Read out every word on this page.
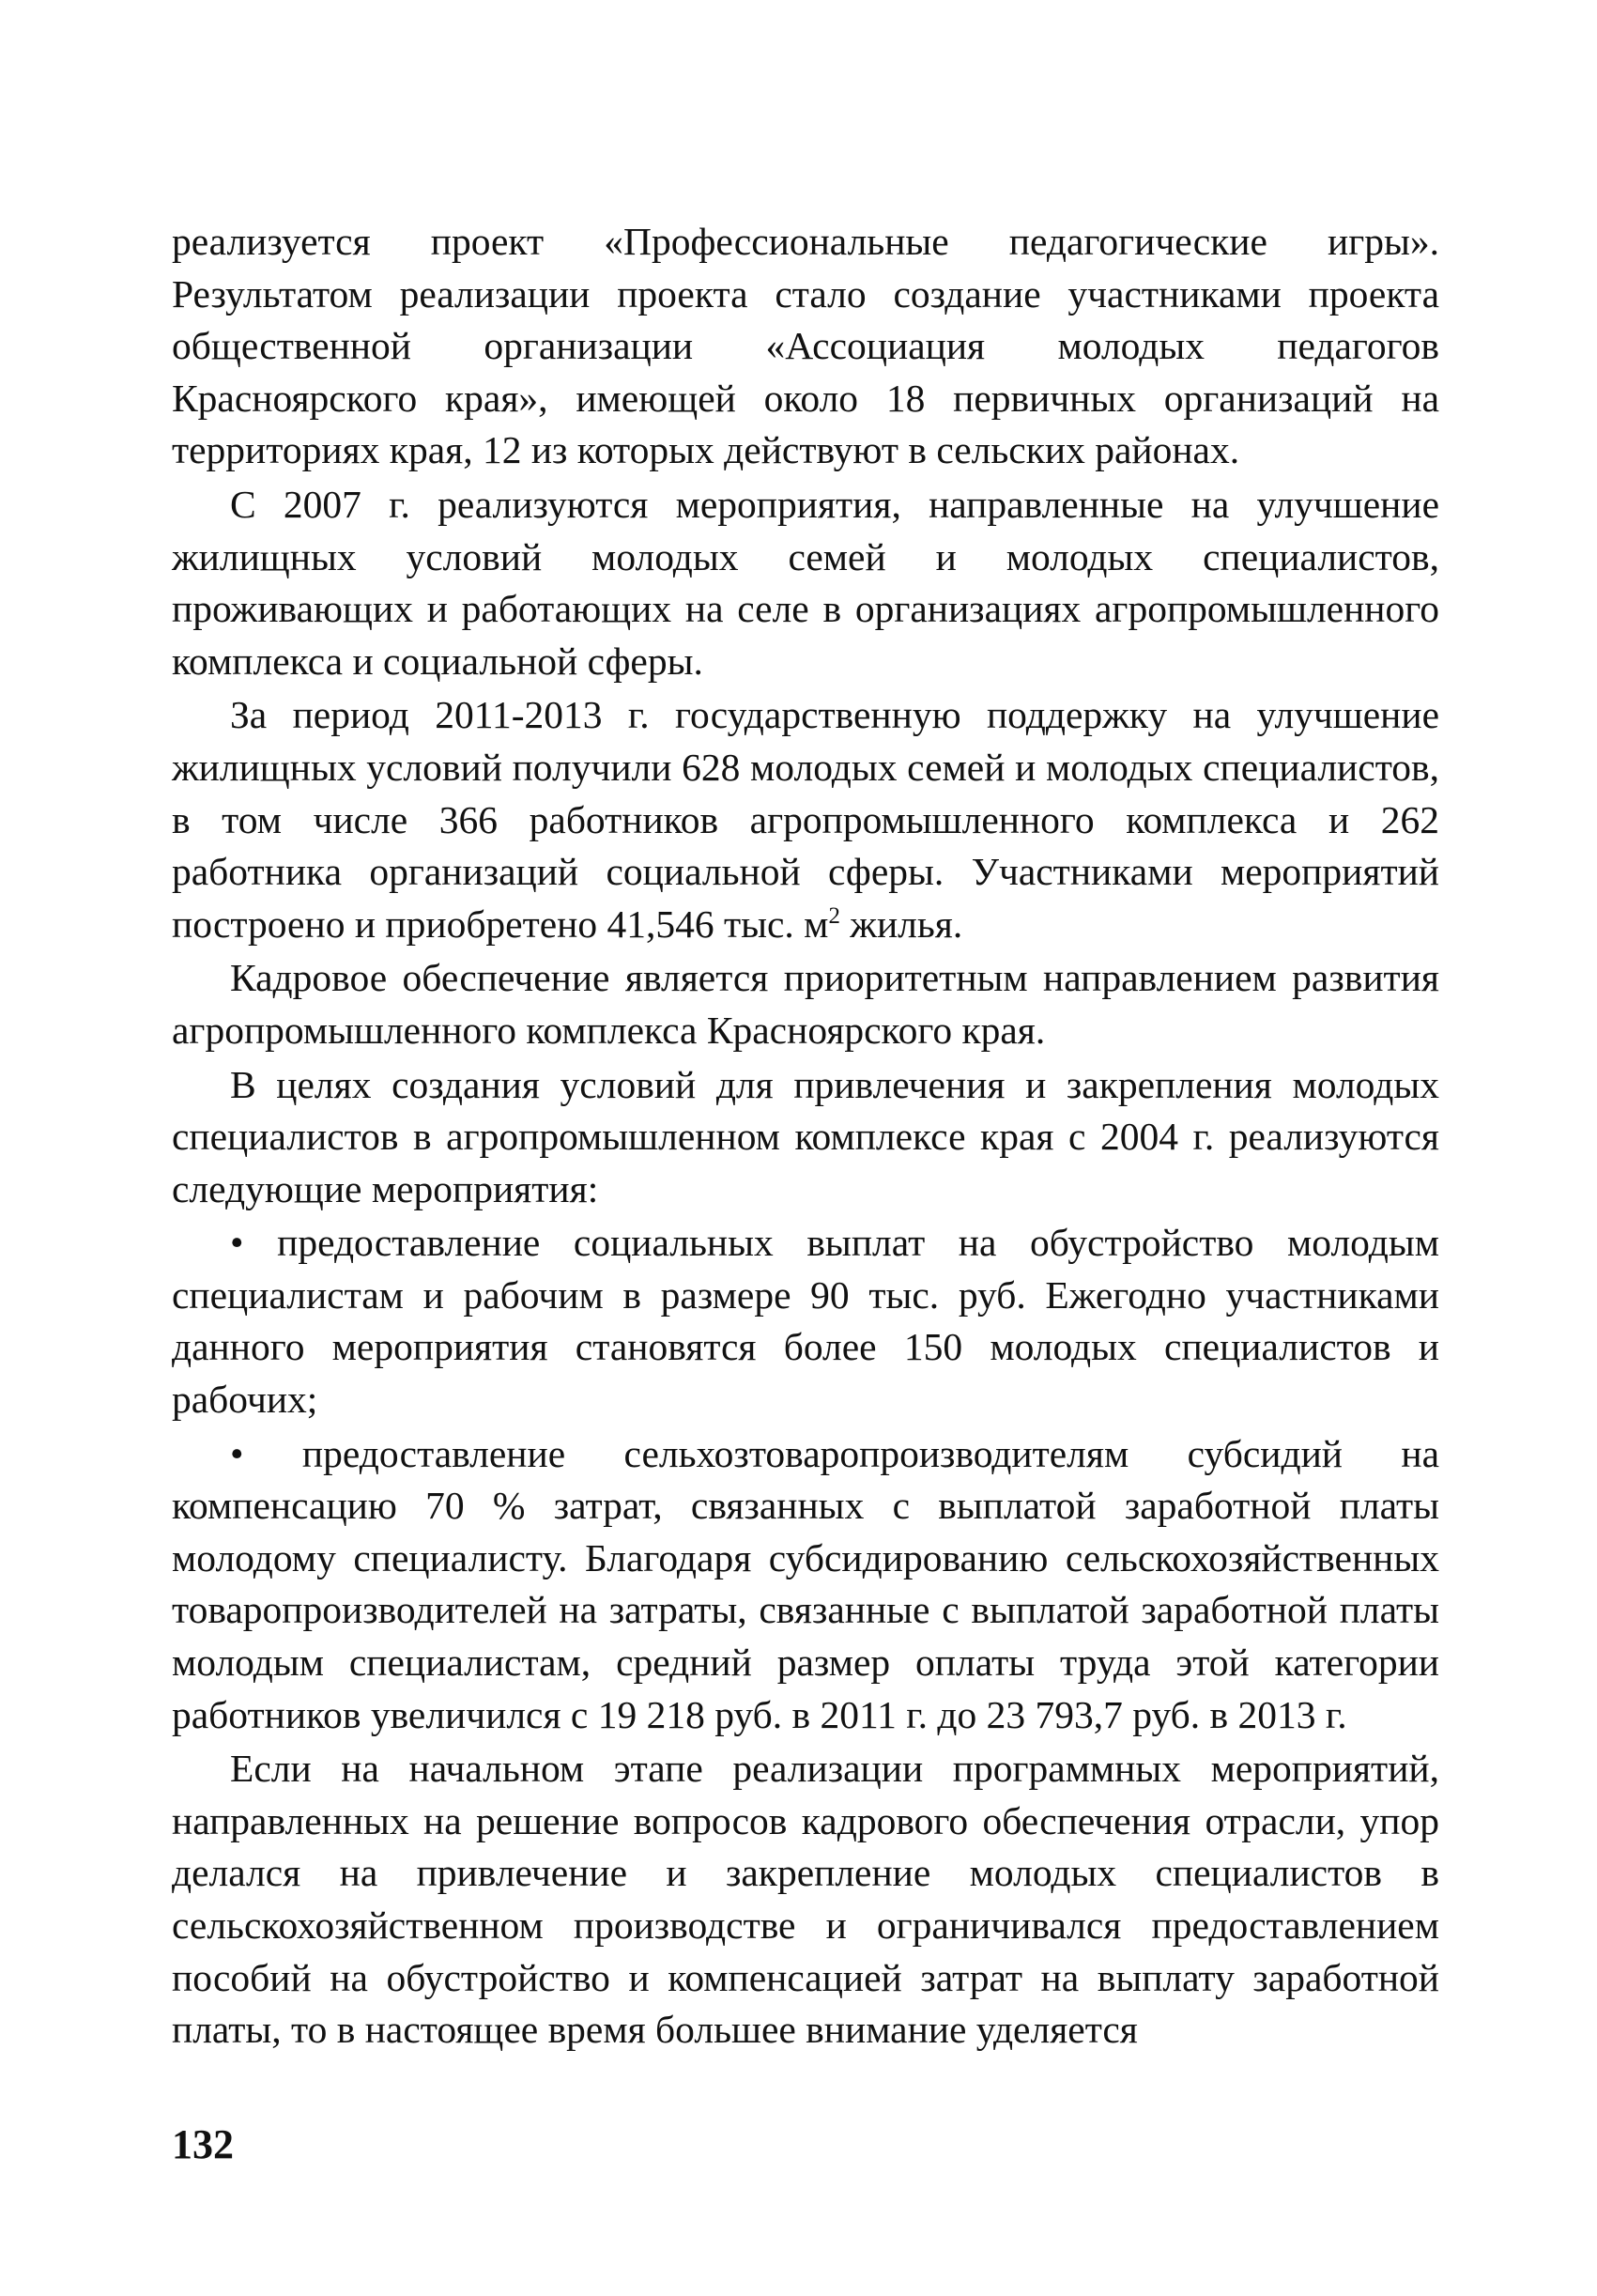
реализуется проект «Профессиональные педагогические игры». Результатом реализации проекта стало создание участниками проекта общественной организации «Ассоциация молодых педагогов Красноярского края», имеющей около 18 первичных организаций на территориях края, 12 из которых действуют в сельских районах.

С 2007 г. реализуются мероприятия, направленные на улучшение жилищных условий молодых семей и молодых специалистов, проживающих и работающих на селе в организациях агропромышленного комплекса и социальной сферы.

За период 2011-2013 г. государственную поддержку на улучшение жилищных условий получили 628 молодых семей и молодых специалистов, в том числе 366 работников агропромышленного комплекса и 262 работника организаций социальной сферы. Участниками мероприятий построено и приобретено 41,546 тыс. $м^2$ жилья.

Кадровое обеспечение является приоритетным направлением развития агропромышленного комплекса Красноярского края.

В целях создания условий для привлечения и закрепления молодых специалистов в агропромышленном комплексе края с 2004 г. реализуются следующие мероприятия:

• предоставление социальных выплат на обустройство молодым специалистам и рабочим в размере 90 тыс. руб. Ежегодно участниками данного мероприятия становятся более 150 молодых специалистов и рабочих;

• предоставление сельхозтоваропроизводителям субсидий на компенсацию 70 % затрат, связанных с выплатой заработной платы молодому специалисту. Благодаря субсидированию сельскохозяйственных товаропроизводителей на затраты, связанные с выплатой заработной платы молодым специалистам, средний размер оплаты труда этой категории работников увеличился с 19 218 руб. в 2011 г. до 23 793,7 руб. в 2013 г.

Если на начальном этапе реализации программных мероприятий, направленных на решение вопросов кадрового обеспечения отрасли, упор делался на привлечение и закрепление молодых специалистов в сельскохозяйственном производстве и ограничивался предоставлением пособий на обустройство и компенсацией затрат на выплату заработной платы, то в настоящее время большее внимание уделяется

132
